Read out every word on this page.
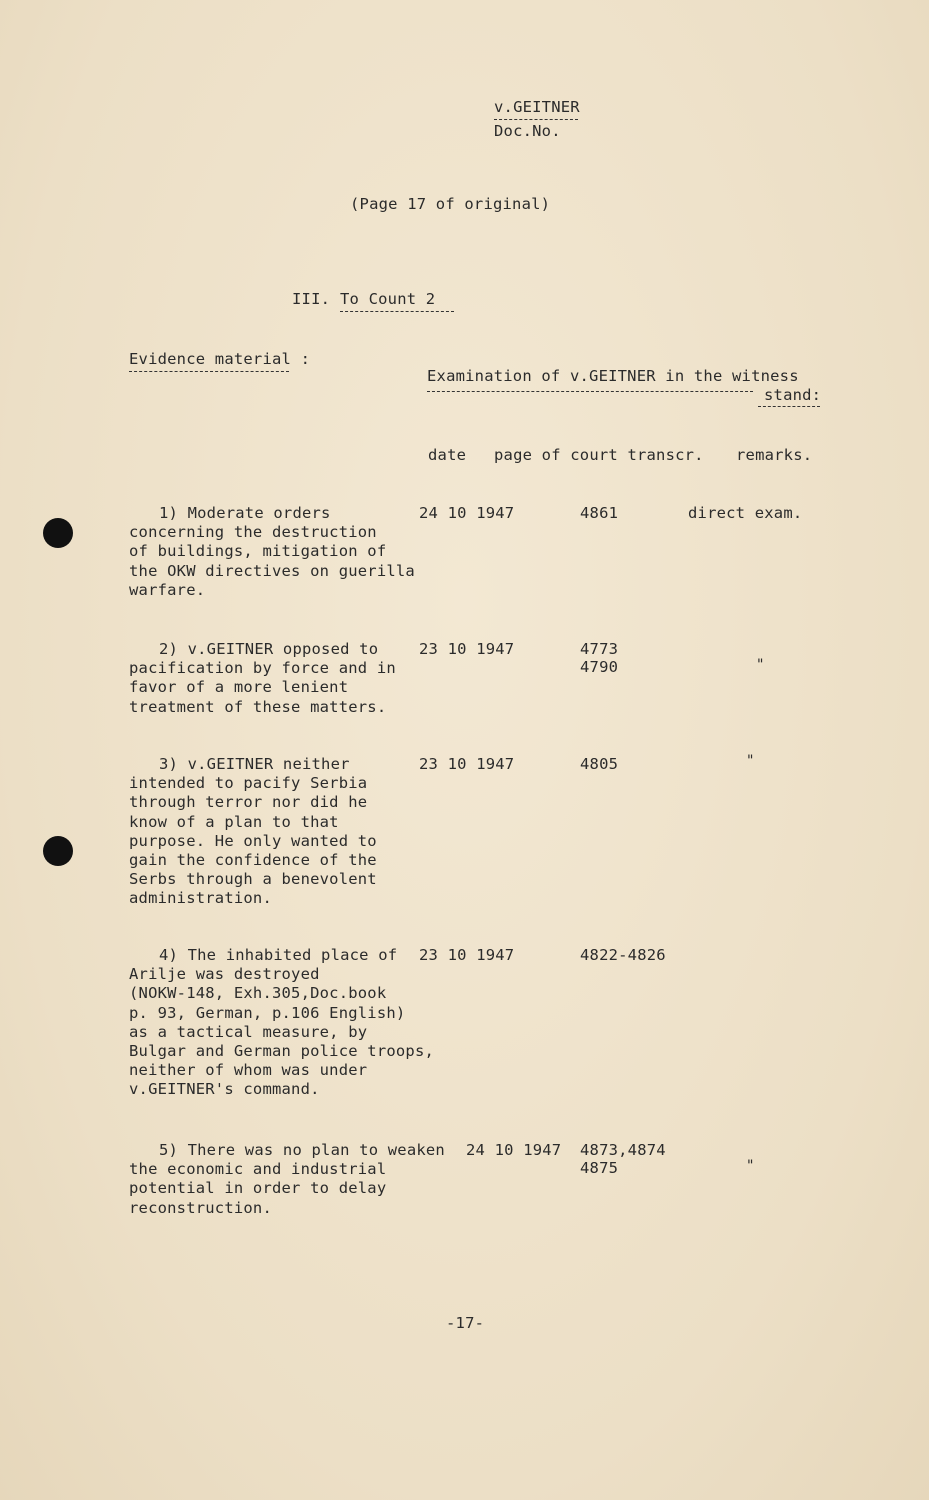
v.GEITNER
Doc.No.
(Page 17 of original)
III. To Count 2
Evidence material :
Examination of v.GEITNER in the witness
stand:
date page of court transcr. remarks.
1) Moderate orders
concerning the destruction
of buildings, mitigation of
the OKW directives on guerilla
warfare.
24 10 1947	4861	direct exam.
2) v.GEITNER opposed to
pacification by force and in
favor of a more lenient
treatment of these matters.
23 10 1947	4773
4790	"
3) v.GEITNER neither
intended to pacify Serbia
through terror nor did he
know of a plan to that
purpose. He only wanted to
gain the confidence of the
Serbs through a benevolent
administration.
23 10 1947	4805	"
4) The inhabited place of
Arilje was destroyed
(NOKW-148, Exh.305,Doc.book
p. 93, German, p.106 English)
as a tactical measure, by
Bulgar and German police troops,
neither of whom was under
v.GEITNER's command.
23 10 1947	4822-4826
5) There was no plan to weaken
the economic and industrial
potential in order to delay
reconstruction.
24 10 1947 4873,4874
4875	"
-17-
